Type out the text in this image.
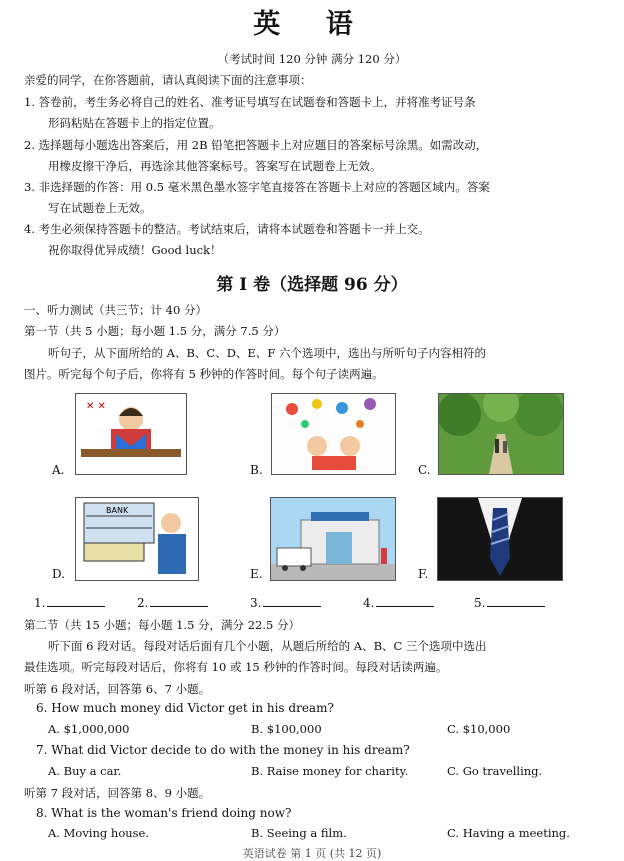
英 语
（考试时间 120 分钟 满分 120 分）
亲爱的同学，在你答题前，请认真阅读下面的注意事项：
1. 答卷前，考生务必将自己的姓名、准考证号填写在试题卷和答题卡上，并将准考证号条
形码粘贴在答题卡上的指定位置。
2. 选择题每小题选出答案后，用 2B 铅笔把答题卡上对应题目的答案标号涂黑。如需改动，
用橡皮擦干净后，再选涂其他答案标号。答案写在试题卷上无效。
3. 非选择题的作答：用 0.5 毫米黑色墨水签字笔直接答在答题卡上对应的答题区域内。答案
写在试题卷上无效。
4. 考生必须保持答题卡的整洁。考试结束后，请将本试题卷和答题卡一并上交。
祝你取得优异成绩！Good luck！
第 I 卷（选择题 96 分）
一、听力测试（共三节；计 40 分）
第一节（共 5 小题；每小题 1.5 分，满分 7.5 分）
听句子，从下面所给的 A、B、C、D、E、F 六个选项中，选出与所听句子内容相符的
图片。听完每个句子后，你将有 5 秒钟的作答时间。每个句子读两遍。
✕ ✕
A.	B.	C.
BANK
D.	E.	F.
1.	2.	3.	4.	5.
第二节（共 15 小题；每小题 1.5 分，满分 22.5 分）
听下面 6 段对话。每段对话后面有几个小题，从题后所给的 A、B、C 三个选项中选出
最佳选项。听完每段对话后，你将有 10 或 15 秒钟的作答时间。每段对话读两遍。
听第 6 段对话，回答第 6、7 小题。
6. How much money did Victor get in his dream?
A. $1,000,000	B. $100,000	C. $10,000
7. What did Victor decide to do with the money in his dream?
A. Buy a car.	B. Raise money for charity.	C. Go travelling.
听第 7 段对话，回答第 8、9 小题。
8. What is the woman's friend doing now?
A. Moving house.	B. Seeing a film.	C. Having a meeting.
英语试卷 第 1 页 (共 12 页)
